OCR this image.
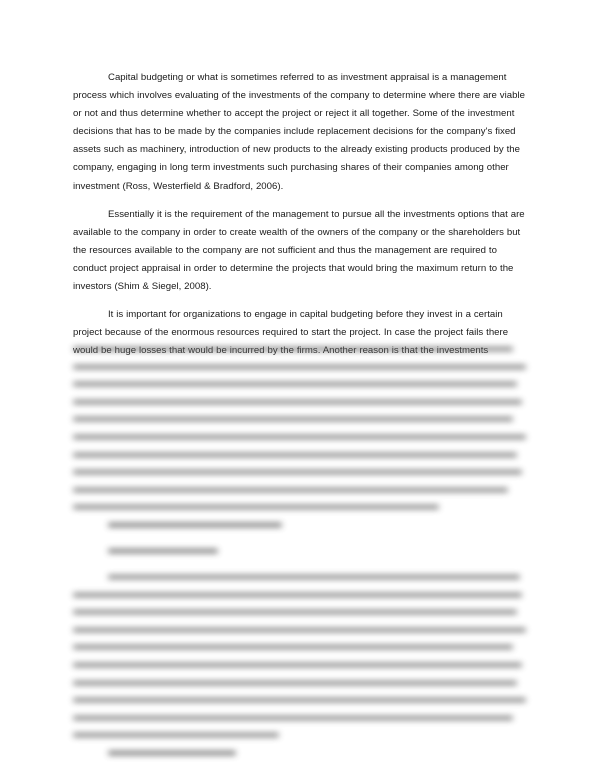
Capital budgeting or what is sometimes referred to as investment appraisal is a management process which involves evaluating of the investments of the company to determine where there are viable or not and thus determine whether to accept the project or reject it all together. Some of the investment decisions that has to be made by the companies include replacement decisions for the company's fixed assets such as machinery, introduction of new products to the already existing products produced by the company, engaging in long term investments such purchasing shares of their companies among other investment (Ross, Westerfield & Bradford, 2006).

Essentially it is the requirement of the management to pursue all the investments options that are available to the company in order to create wealth of the owners of the company or the shareholders but the resources available to the company are not sufficient and thus the management are required to conduct project appraisal in order to determine the projects that would bring the maximum return to the investors (Shim & Siegel, 2008).

It is important for organizations to engage in capital budgeting before they invest in a certain project because of the enormous resources required to start the project. In case the project fails there
